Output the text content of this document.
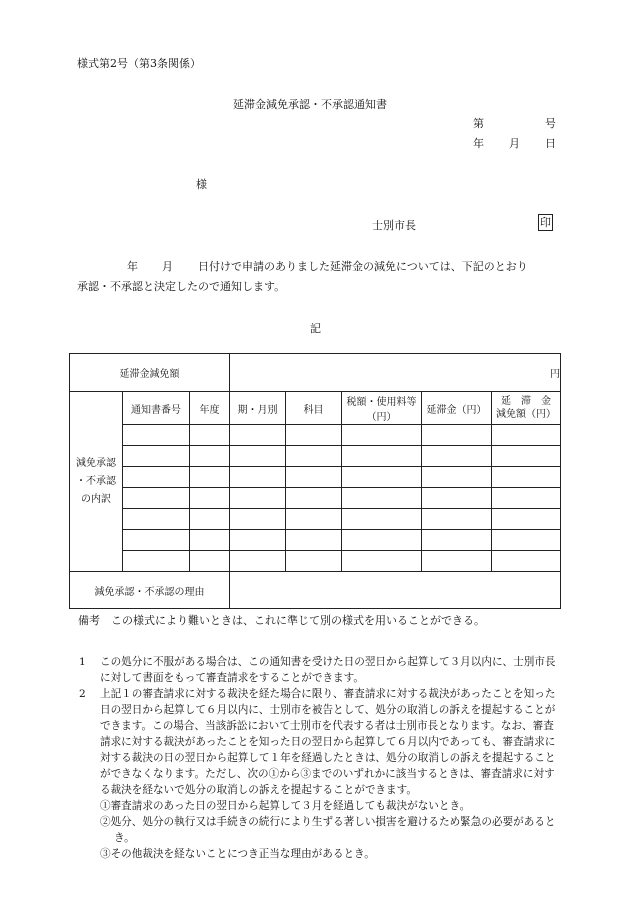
様式第2号（第3条関係）
延滞金減免承認・不承認通知書
第	号
年 月 日
様
士別市長	印
年 月 日付けで申請のありました延滞金の減免については、下記のとおり
承認・不承認と決定したので通知します。
記
延滞金減免額			円				

減免承認
・不承認
の内訳	通知書番号	年度	期・月別	科目	税額・使用料等（円）	延滞金（円）	延　滞　金
減免額（円）

減免承認・不承認の理由							
備考　この様式により難いときは、これに準じて別の様式を用いることができる。
1 この処分に不服がある場合は、この通知書を受けた日の翌日から起算して３月以内に、士別市長に対して書面をもって審査請求をすることができます。
2 上記１の審査請求に対する裁決を経た場合に限り、審査請求に対する裁決があったことを知った日の翌日から起算して６月以内に、士別市を被告として、処分の取消しの訴えを提起することができます。この場合、当該訴訟において士別市を代表する者は士別市長となります。なお、審査請求に対する裁決があったことを知った日の翌日から起算して６月以内であっても、審査請求に対する裁決の日の翌日から起算して１年を経過したときは、処分の取消しの訴えを提起することができなくなります。ただし、次の①から③までのいずれかに該当するときは、審査請求に対する裁決を経ないで処分の取消しの訴えを提起することができます。
①審査請求のあった日の翌日から起算して３月を経過しても裁決がないとき。
②処分、処分の執行又は手続きの続行により生ずる著しい損害を避けるため緊急の必要があるとき。
③その他裁決を経ないことにつき正当な理由があるとき。
